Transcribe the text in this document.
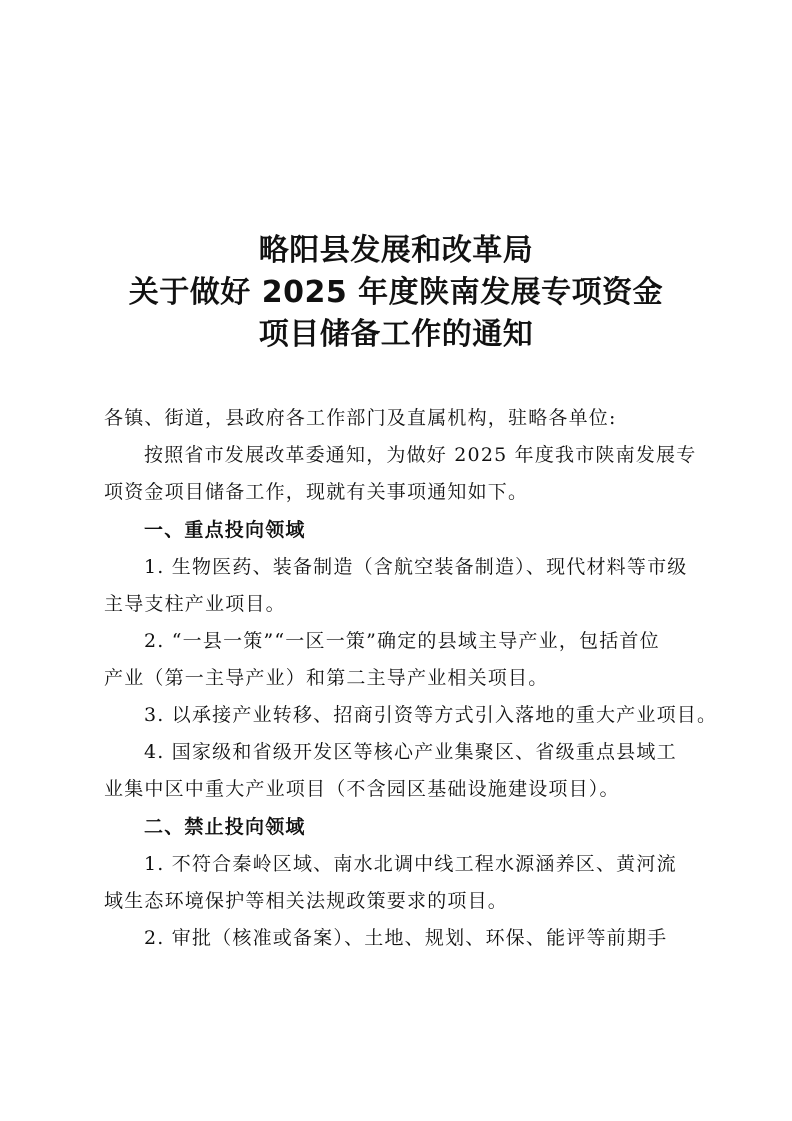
略阳县发展和改革局
关于做好 2025 年度陕南发展专项资金
项目储备工作的通知
各镇、街道，县政府各工作部门及直属机构，驻略各单位:
按照省市发展改革委通知，为做好 2025 年度我市陕南发展专
项资金项目储备工作，现就有关事项通知如下。
一、重点投向领域
1. 生物医药、装备制造（含航空装备制造）、现代材料等市级
主导支柱产业项目。
2. “一县一策”“一区一策”确定的县域主导产业，包括首位
产业（第一主导产业）和第二主导产业相关项目。
3. 以承接产业转移、招商引资等方式引入落地的重大产业项目。
4. 国家级和省级开发区等核心产业集聚区、省级重点县域工
业集中区中重大产业项目（不含园区基础设施建设项目）。
二、禁止投向领域
1. 不符合秦岭区域、南水北调中线工程水源涵养区、黄河流
域生态环境保护等相关法规政策要求的项目。
2. 审批（核准或备案）、土地、规划、环保、能评等前期手
